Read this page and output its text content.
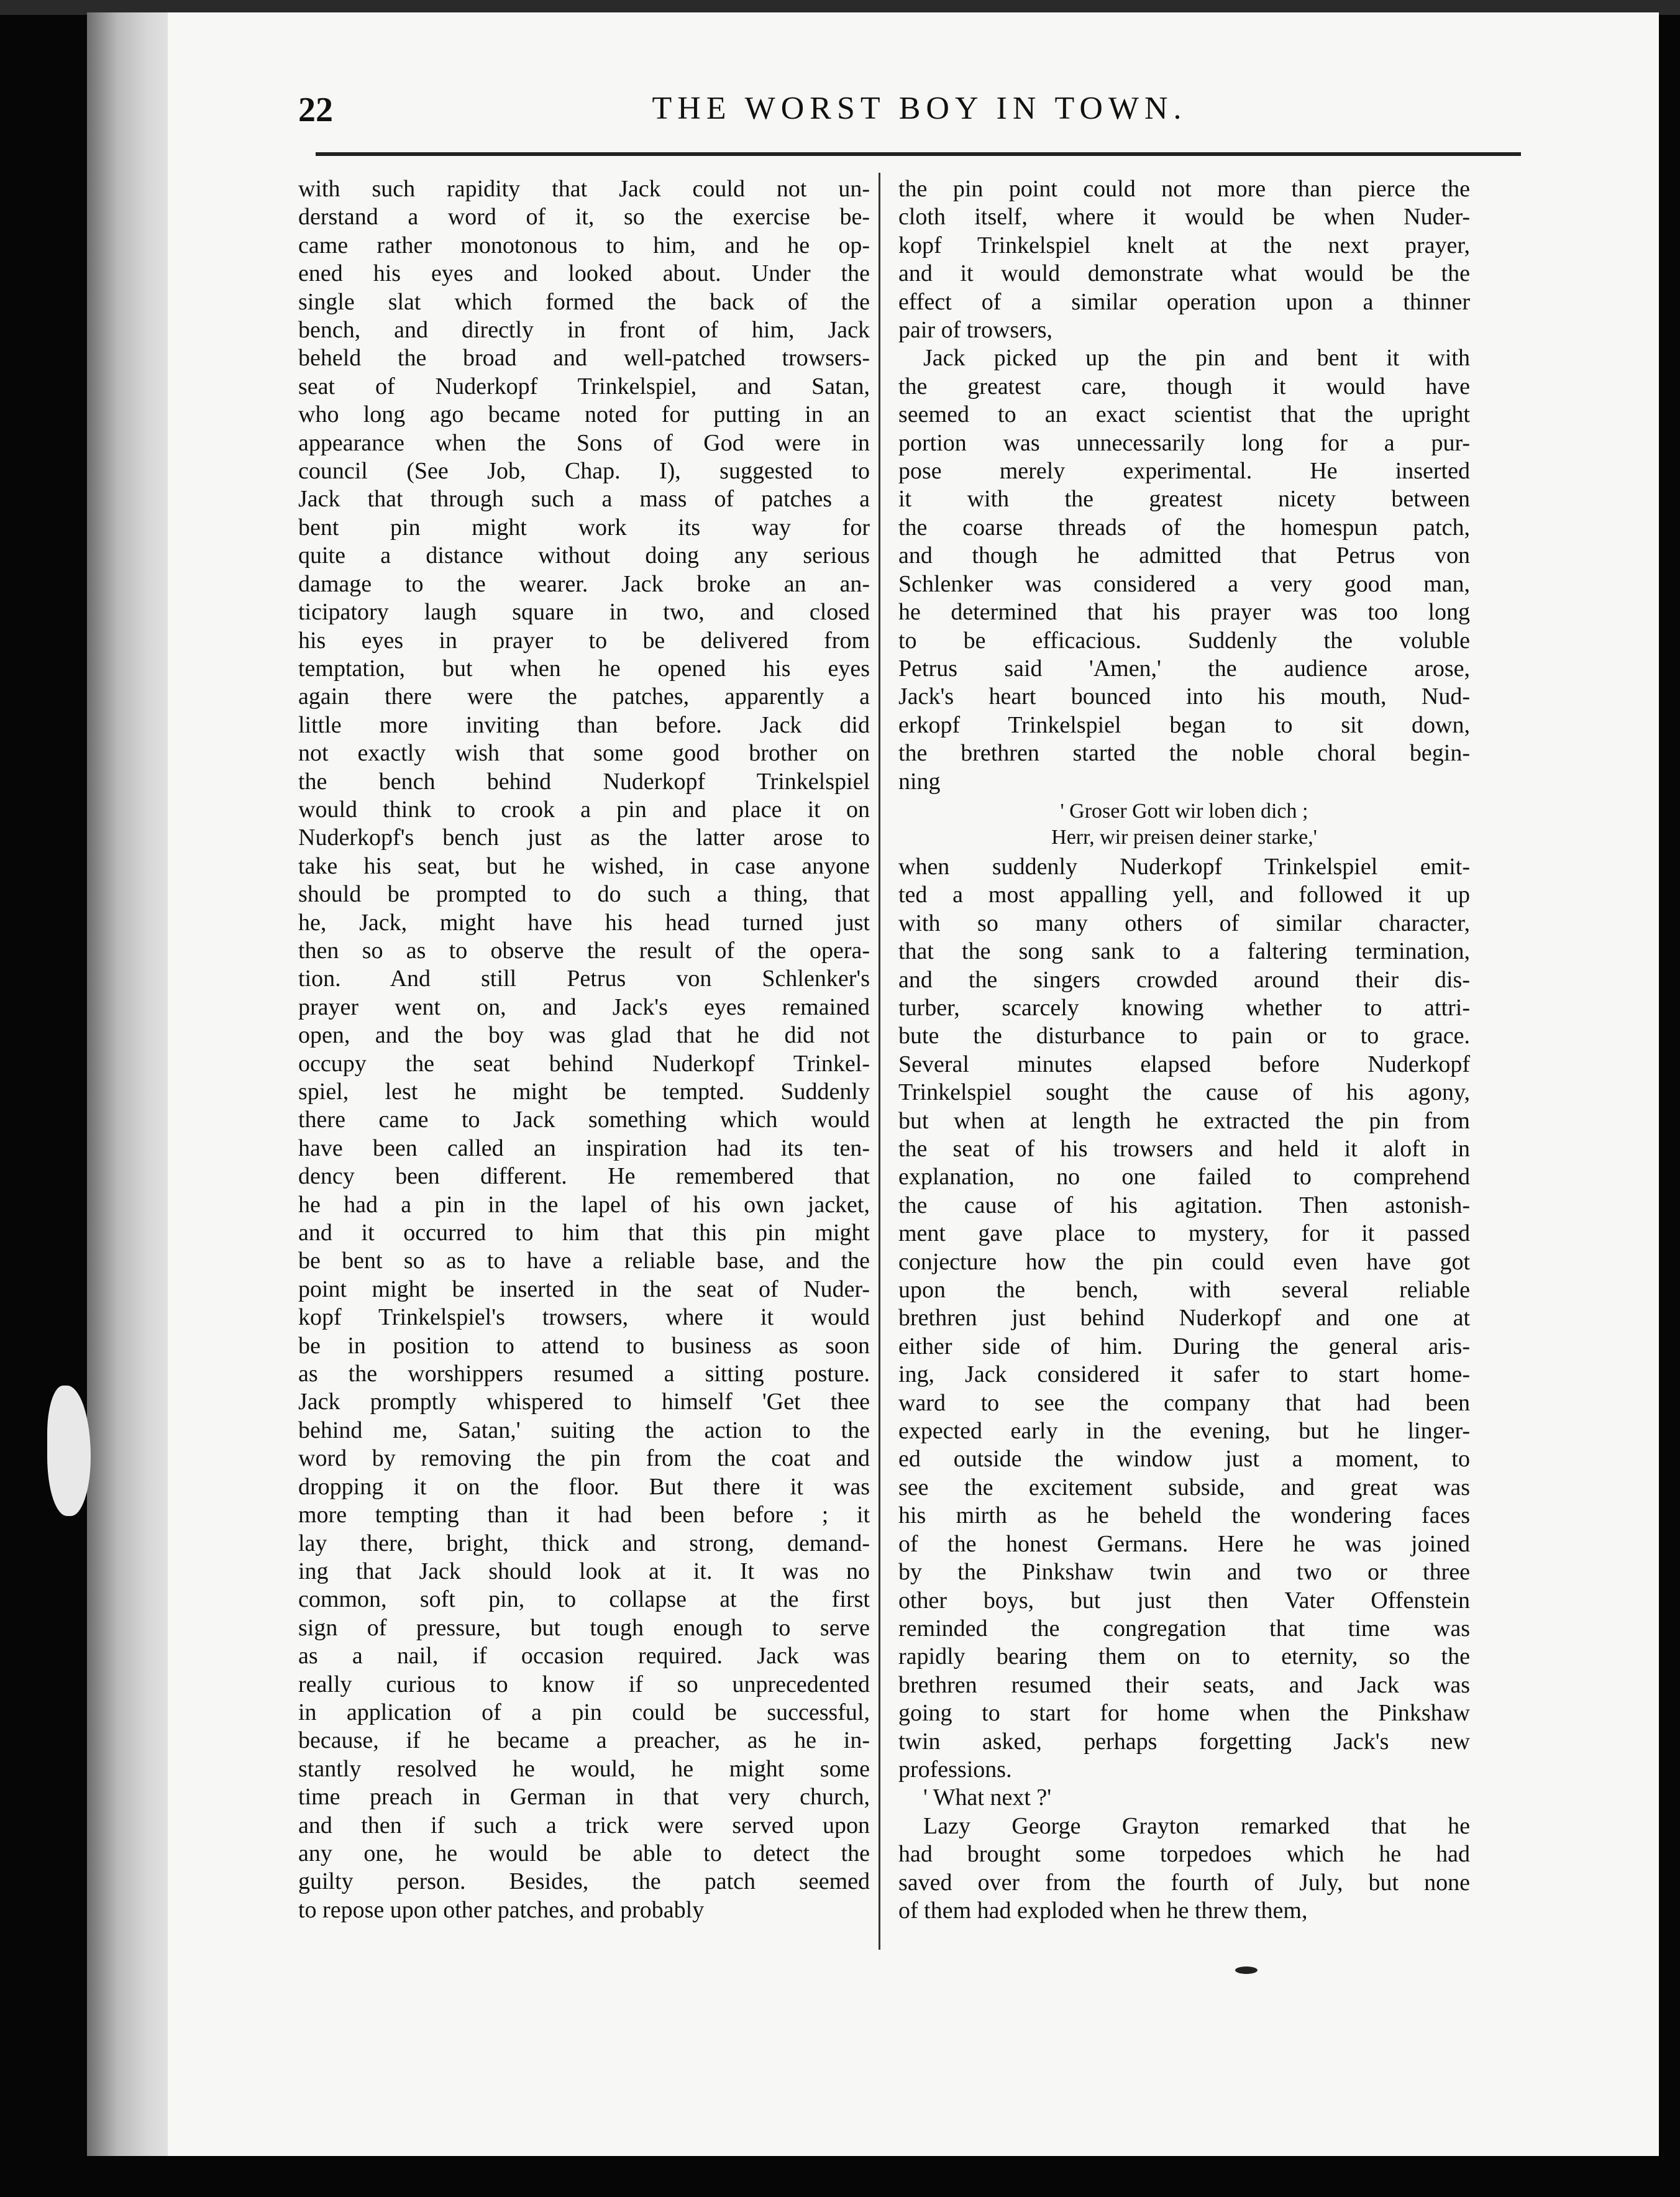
22	THE WORST BOY IN TOWN.
with such rapidity that Jack could not un-
derstand a word of it, so the exercise be-
came rather monotonous to him, and he op-
ened his eyes and looked about. Under the
single slat which formed the back of the
bench, and directly in front of him, Jack
beheld the broad and well-patched trowsers-
seat of Nuderkopf Trinkelspiel, and Satan,
who long ago became noted for putting in an
appearance when the Sons of God were in
council (See Job, Chap. I), suggested to
Jack that through such a mass of patches a
bent pin might work its way for
quite a distance without doing any serious
damage to the wearer. Jack broke an an-
ticipatory laugh square in two, and closed
his eyes in prayer to be delivered from
temptation, but when he opened his eyes
again there were the patches, apparently a
little more inviting than before. Jack did
not exactly wish that some good brother on
the bench behind Nuderkopf Trinkelspiel
would think to crook a pin and place it on
Nuderkopf's bench just as the latter arose to
take his seat, but he wished, in case anyone
should be prompted to do such a thing, that
he, Jack, might have his head turned just
then so as to observe the result of the opera-
tion. And still Petrus von Schlenker's
prayer went on, and Jack's eyes remained
open, and the boy was glad that he did not
occupy the seat behind Nuderkopf Trinkel-
spiel, lest he might be tempted. Suddenly
there came to Jack something which would
have been called an inspiration had its ten-
dency been different. He remembered that
he had a pin in the lapel of his own jacket,
and it occurred to him that this pin might
be bent so as to have a reliable base, and the
point might be inserted in the seat of Nuder-
kopf Trinkelspiel's trowsers, where it would
be in position to attend to business as soon
as the worshippers resumed a sitting posture.
Jack promptly whispered to himself 'Get thee
behind me, Satan,' suiting the action to the
word by removing the pin from the coat and
dropping it on the floor. But there it was
more tempting than it had been before ; it
lay there, bright, thick and strong, demand-
ing that Jack should look at it. It was no
common, soft pin, to collapse at the first
sign of pressure, but tough enough to serve
as a nail, if occasion required. Jack was
really curious to know if so unprecedented
in application of a pin could be successful,
because, if he became a preacher, as he in-
stantly resolved he would, he might some
time preach in German in that very church,
and then if such a trick were served upon
any one, he would be able to detect the
guilty person. Besides, the patch seemed
to repose upon other patches, and probably
the pin point could not more than pierce the
cloth itself, where it would be when Nuder-
kopf Trinkelspiel knelt at the next prayer,
and it would demonstrate what would be the
effect of a similar operation upon a thinner
pair of trowsers,
Jack picked up the pin and bent it with
the greatest care, though it would have
seemed to an exact scientist that the upright
portion was unnecessarily long for a pur-
pose merely experimental. He inserted
it with the greatest nicety between
the coarse threads of the homespun patch,
and though he admitted that Petrus von
Schlenker was considered a very good man,
he determined that his prayer was too long
to be efficacious. Suddenly the voluble
Petrus said 'Amen,' the audience arose,
Jack's heart bounced into his mouth, Nud-
erkopf Trinkelspiel began to sit down,
the brethren started the noble choral begin-
ning
' Groser Gott wir loben dich ;
Herr, wir preisen deiner starke,'
when suddenly Nuderkopf Trinkelspiel emit-
ted a most appalling yell, and followed it up
with so many others of similar character,
that the song sank to a faltering termination,
and the singers crowded around their dis-
turber, scarcely knowing whether to attri-
bute the disturbance to pain or to grace.
Several minutes elapsed before Nuderkopf
Trinkelspiel sought the cause of his agony,
but when at length he extracted the pin from
the seat of his trowsers and held it aloft in
explanation, no one failed to comprehend
the cause of his agitation. Then astonish-
ment gave place to mystery, for it passed
conjecture how the pin could even have got
upon the bench, with several reliable
brethren just behind Nuderkopf and one at
either side of him. During the general aris-
ing, Jack considered it safer to start home-
ward to see the company that had been
expected early in the evening, but he linger-
ed outside the window just a moment, to
see the excitement subside, and great was
his mirth as he beheld the wondering faces
of the honest Germans. Here he was joined
by the Pinkshaw twin and two or three
other boys, but just then Vater Offenstein
reminded the congregation that time was
rapidly bearing them on to eternity, so the
brethren resumed their seats, and Jack was
going to start for home when the Pinkshaw
twin asked, perhaps forgetting Jack's new
professions.
' What next ?'
Lazy George Grayton remarked that he
had brought some torpedoes which he had
saved over from the fourth of July, but none
of them had exploded when he threw them,
